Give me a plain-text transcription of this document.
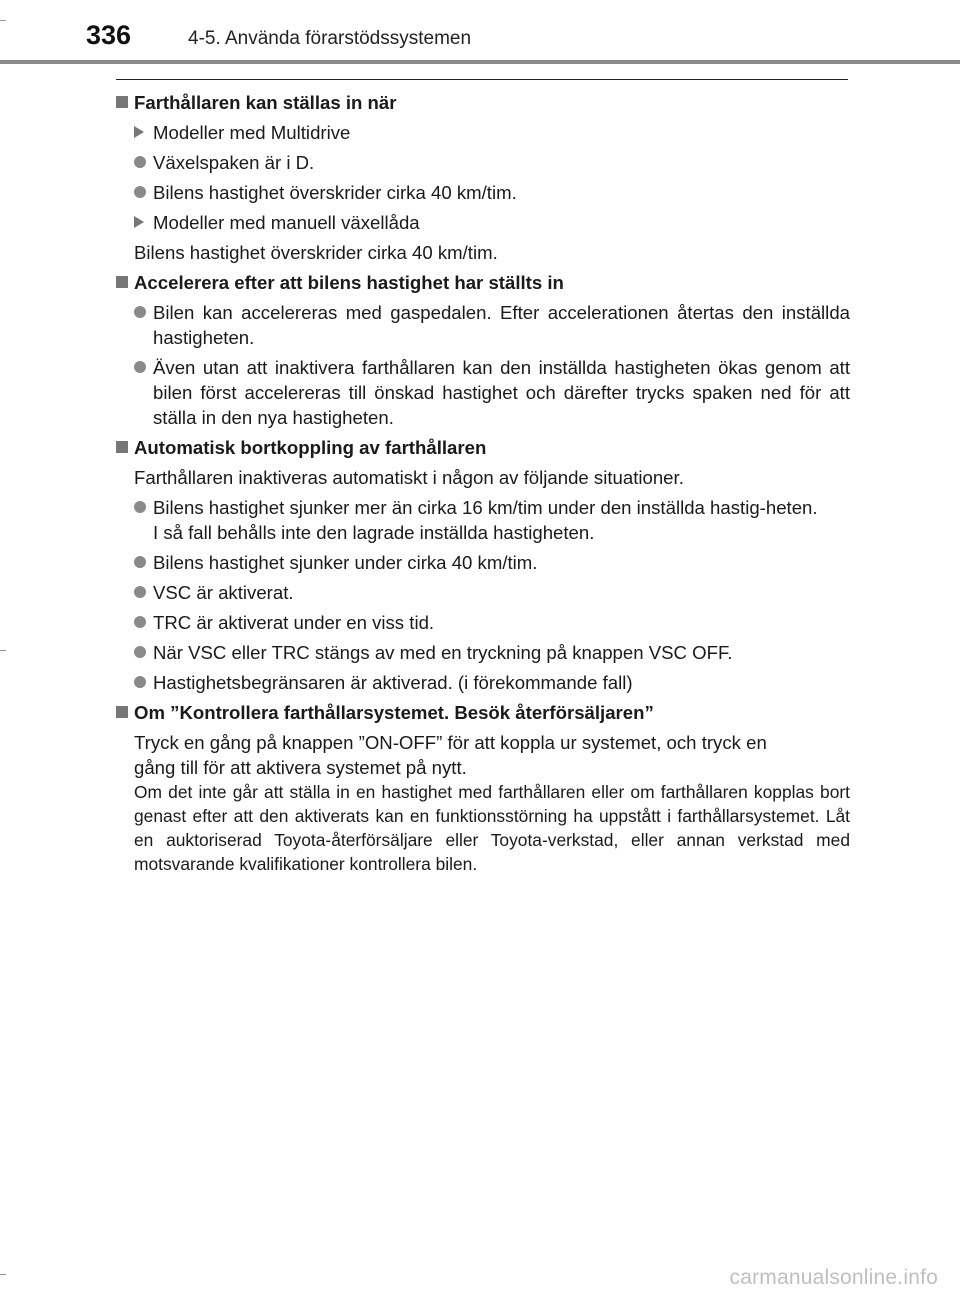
336	4-5. Använda förarstödssystemen
Farthållaren kan ställas in när
Modeller med Multidrive
Växelspaken är i D.
Bilens hastighet överskrider cirka 40 km/tim.
Modeller med manuell växellåda
Bilens hastighet överskrider cirka 40 km/tim.
Accelerera efter att bilens hastighet har ställts in
Bilen kan accelereras med gaspedalen. Efter accelerationen återtas den inställda hastigheten.
Även utan att inaktivera farthållaren kan den inställda hastigheten ökas genom att bilen först accelereras till önskad hastighet och därefter trycks spaken ned för att ställa in den nya hastigheten.
Automatisk bortkoppling av farthållaren
Farthållaren inaktiveras automatiskt i någon av följande situationer.
Bilens hastighet sjunker mer än cirka 16 km/tim under den inställda hastig-heten.
I så fall behålls inte den lagrade inställda hastigheten.
Bilens hastighet sjunker under cirka 40 km/tim.
VSC är aktiverat.
TRC är aktiverat under en viss tid.
När VSC eller TRC stängs av med en tryckning på knappen VSC OFF.
Hastighetsbegränsaren är aktiverad. (i förekommande fall)
Om ”Kontrollera farthållarsystemet. Besök återförsäljaren”
Tryck en gång på knappen ”ON-OFF” för att koppla ur systemet, och tryck en
gång till för att aktivera systemet på nytt.
Om det inte går att ställa in en hastighet med farthållaren eller om farthållaren kopplas bort genast efter att den aktiverats kan en funktionsstörning ha uppstått i farthållarsystemet. Låt en auktoriserad Toyota-återförsäljare eller Toyota-verkstad, eller annan verkstad med motsvarande kvalifikationer kontrollera bilen.
carmanualsonline.info
